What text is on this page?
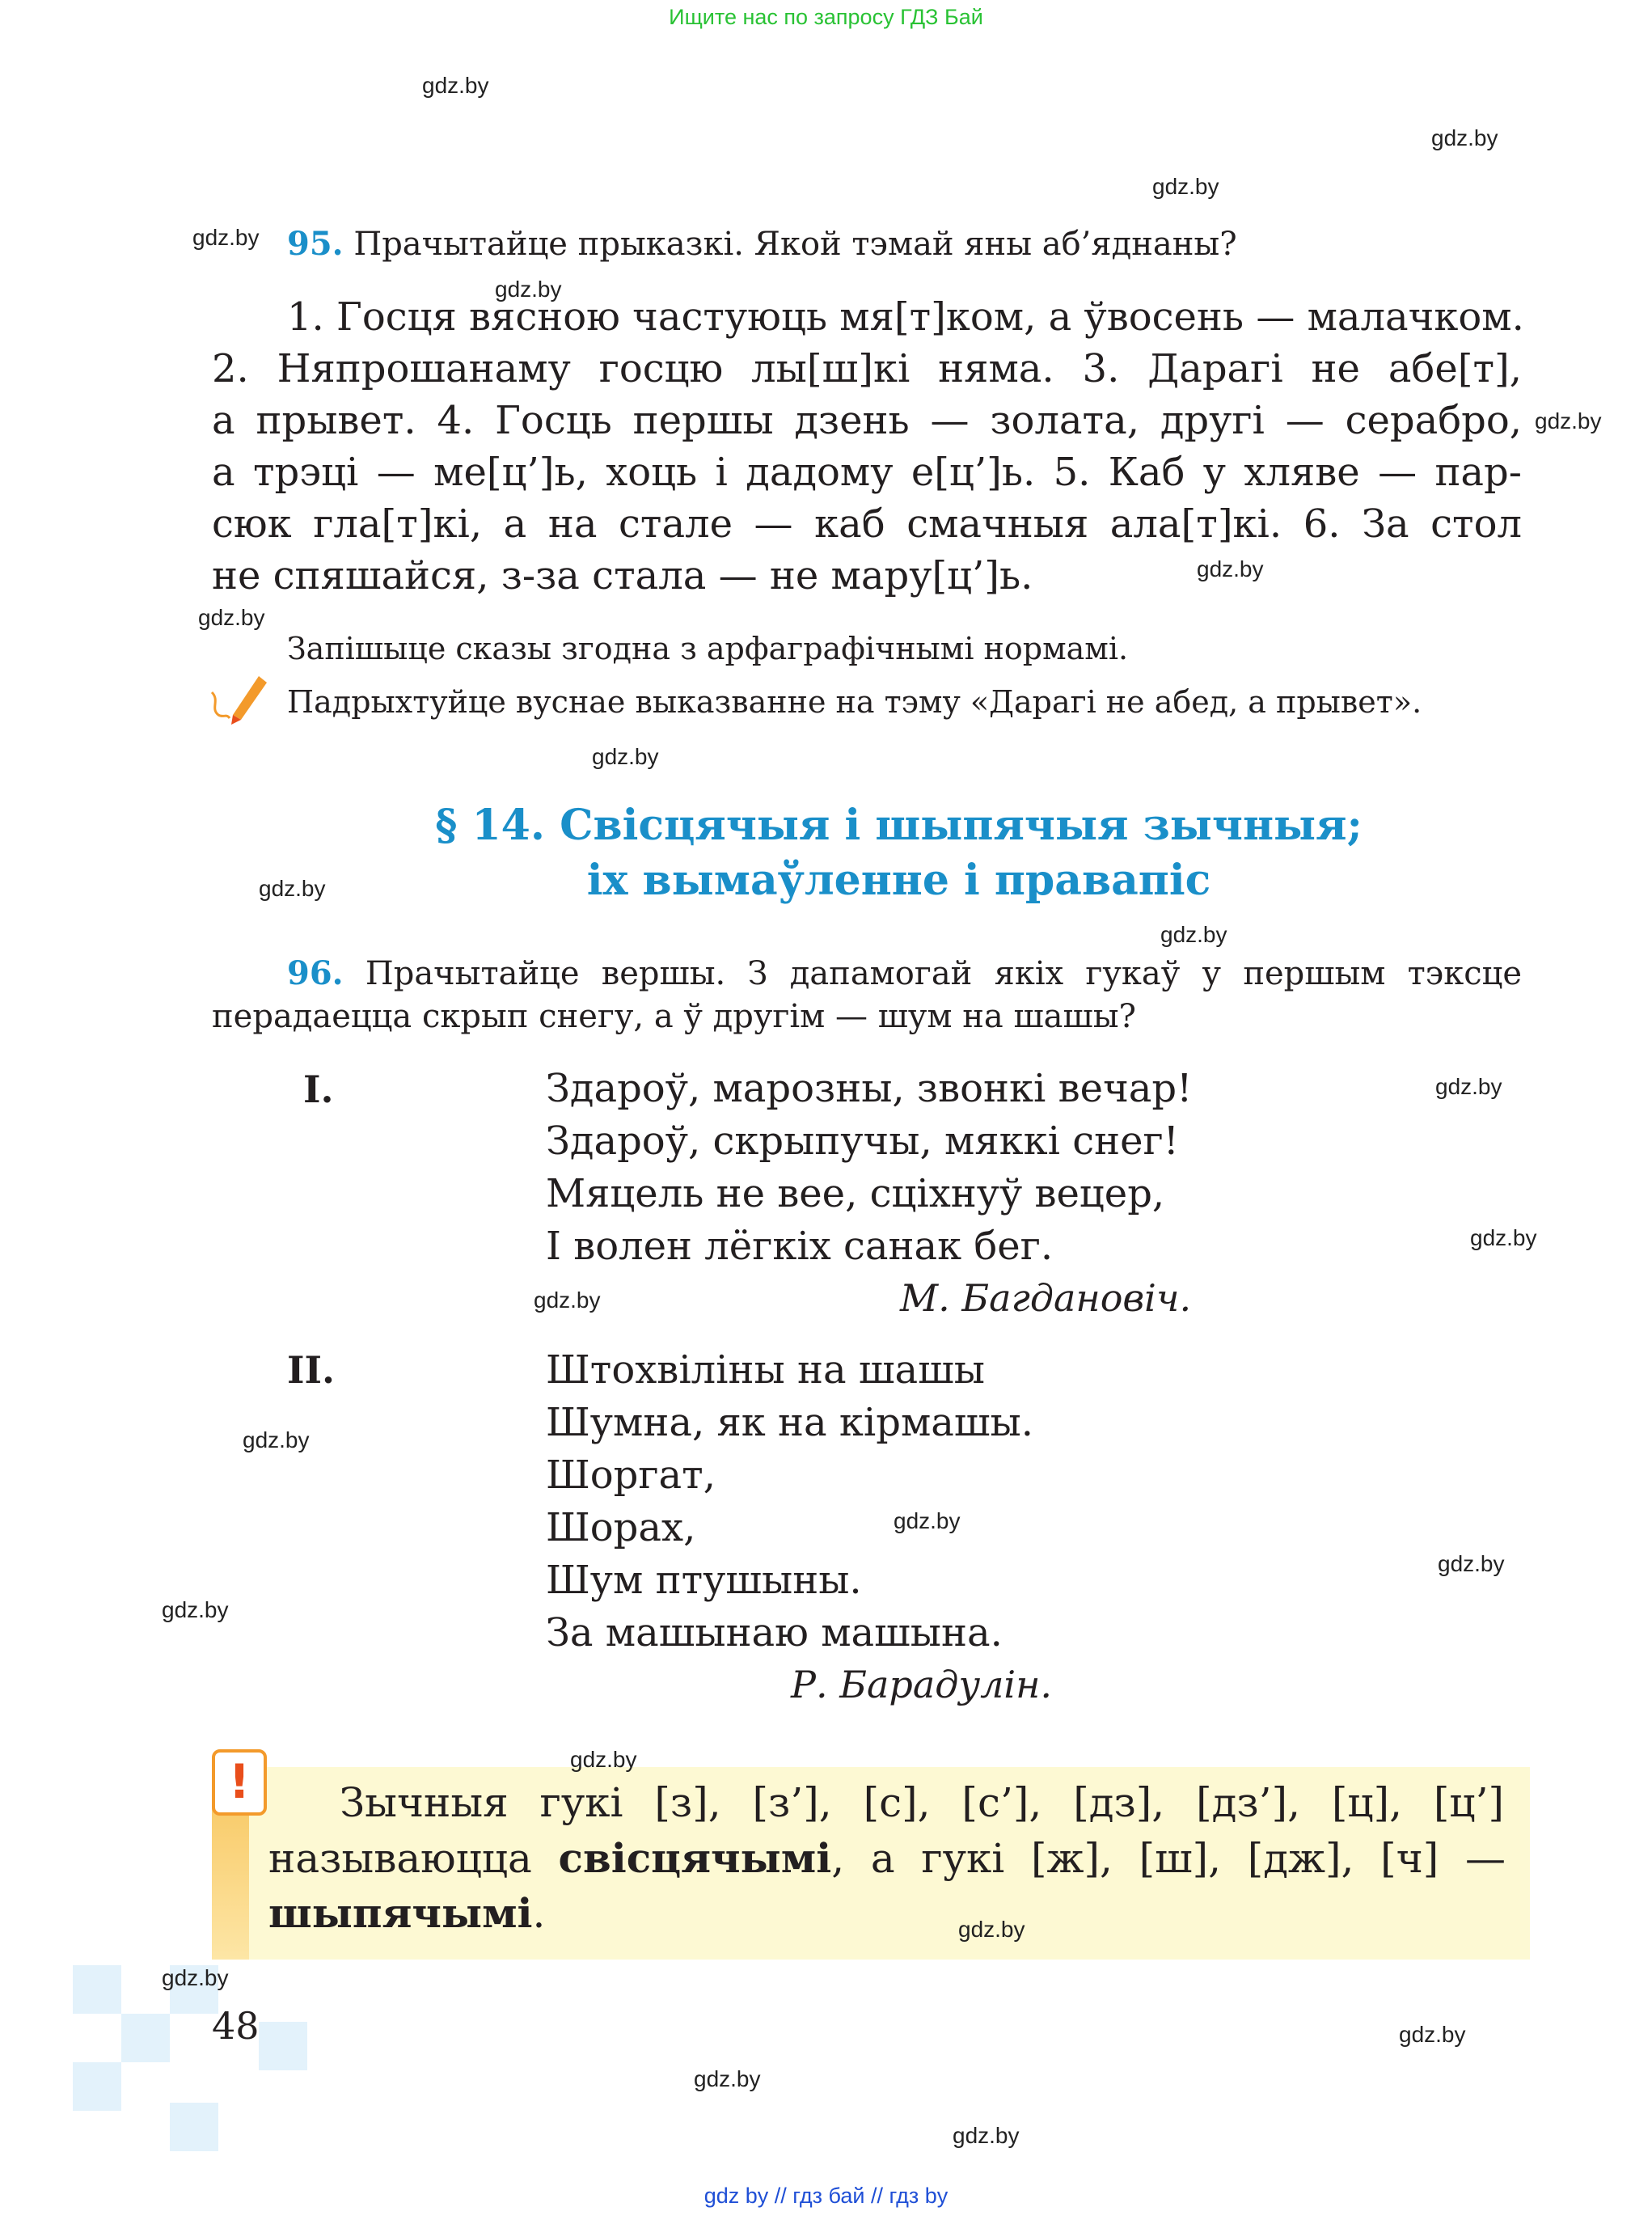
Ищите нас по запросу ГДЗ Бай
95. Прачытайце прыказкі. Якой тэмай яны аб’яднаны?
1. Госця вясною частуюць мя[т]ком, а ўвосень — малачком.
2. Няпрошанаму госцю лы[ш]кі няма. 3. Дарагі не абе[т],
а прывет. 4. Госць першы дзень — золата, другі — серабро,
а трэці — ме[ц’]ь, хоць і дадому е[ц’]ь. 5. Каб у хляве — пар-
сюк гла[т]кі, а на стале — каб смачныя ала[т]кі. 6. За стол
не спяшайся, з-за стала — не мару[ц’]ь.
Запішыце сказы згодна з арфаграфічнымі нормамі.
Падрыхтуйце вуснае выказванне на тэму «Дарагі не абед, а прывет».
§ 14. Свісцячыя і шыпячыя зычныя;
іх вымаўленне і правапіс
96. Прачытайце вершы. З дапамогай якіх гукаў у першым тэксце
перадаецца скрып снегу, а ў другім — шум на шашы?
I.	Здароў, марозны, звонкі вечар!
Здароў, скрыпучы, мяккі снег!
Мяцель не вее, сціхнуў вецер,
І волен лёгкіх санак бег.
М. Багдановіч.
II.	Штохвіліны на шашы
Шумна, як на кірмашы.
Шоргат,
Шорах,
Шум птушыны.
За машынаю машына.
Р. Барадулін.
!	Зычныя гукі [з], [з’], [с], [с’], [дз], [дз’], [ц], [ц’]
называюцца свісцячымі, а гукі [ж], [ш], [дж], [ч] —
шыпячымі.
48
gdz.by
gdz.by
gdz.by
gdz.by
gdz.by
gdz.by
gdz.by
gdz.by
gdz.by
gdz.by
gdz.by
gdz.by
gdz.by
gdz.by
gdz.by
gdz.by
gdz.by
gdz.by
gdz.by
gdz.by
gdz.by
gdz.by
gdz.by
gdz.by
gdz by // гдз бай // гдз by
